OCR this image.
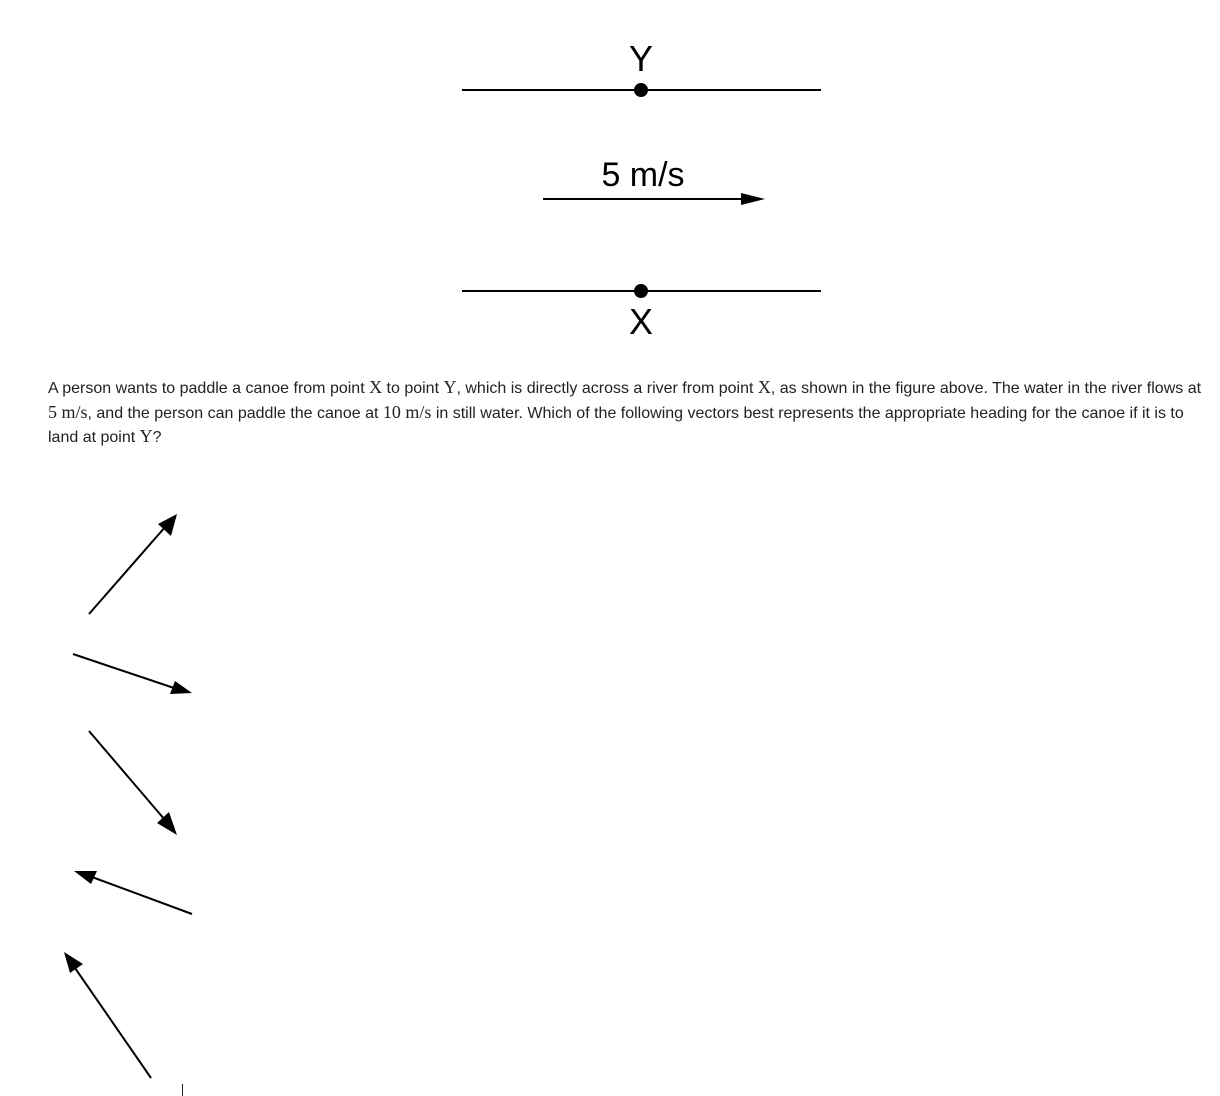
Y
5 m/s
X

A person wants to paddle a canoe from point X to point Y, which is directly across a river from point X, as shown in the figure above. The water in the river flows at 5 m/s, and the person can paddle the canoe at 10 m/s in still water. Which of the following vectors best represents the appropriate heading for the canoe if it is to land at point Y?
